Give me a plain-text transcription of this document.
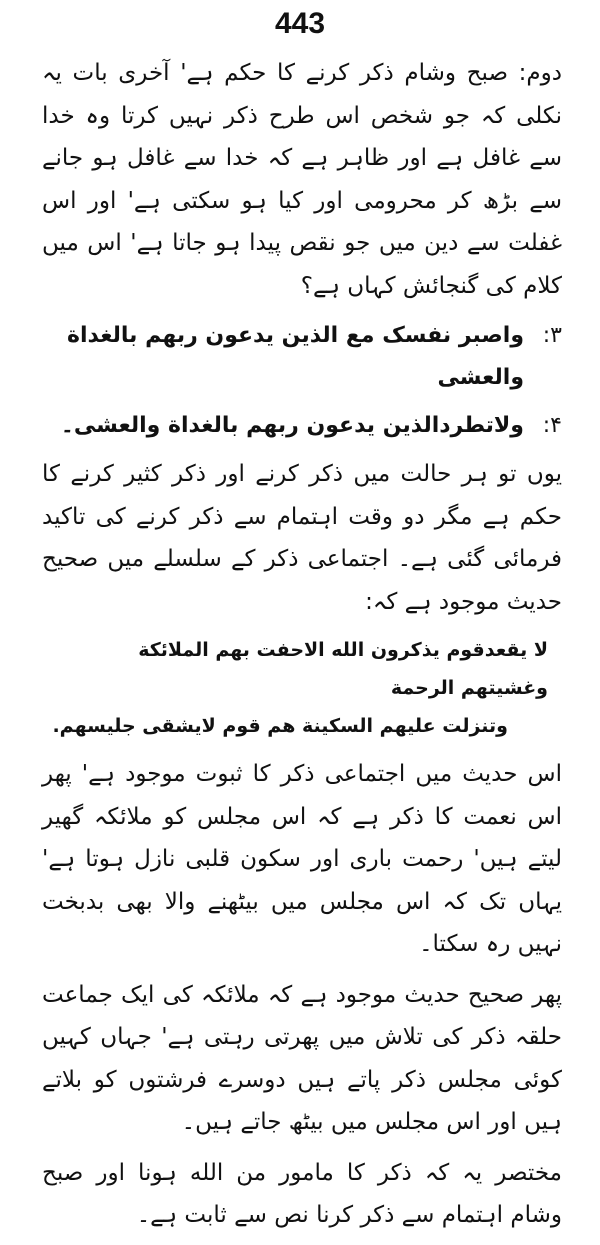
443

دوم: صبح وشام ذکر کرنے کا حکم ہے' آخری بات یہ نکلی کہ جو شخص اس طرح ذکر نہیں کرتا وہ خدا سے غافل ہے اور ظاہر ہے کہ خدا سے غافل ہو جانے سے بڑھ کر محرومی اور کیا ہو سکتی ہے' اور اس غفلت سے دین میں جو نقص پیدا ہو جاتا ہے' اس میں کلام کی گنجائش کہاں ہے؟

۳:
واصبر نفسک مع الذین یدعون ربھم بالغداة والعشی
۴:
ولاتطردالذین یدعون ربھم بالغداة والعشی۔

یوں تو ہر حالت میں ذکر کرنے اور ذکر کثیر کرنے کا حکم ہے مگر دو وقت اہتمام سے ذکر کرنے کی تاکید فرمائی گئی ہے۔ اجتماعی ذکر کے سلسلے میں صحیح حدیث موجود ہے کہ:

لا یقعدقوم یذکرون الله الاحفت بھم الملائکة وغشیتھم الرحمة
وتنزلت علیھم السکینة ھم قوم لایشقی جلیسھم.

اس حدیث میں اجتماعی ذکر کا ثبوت موجود ہے' پھر اس نعمت کا ذکر ہے کہ اس مجلس کو ملائکہ گھیر لیتے ہیں' رحمت باری اور سکون قلبی نازل ہوتا ہے' یہاں تک کہ اس مجلس میں بیٹھنے والا بھی بدبخت نہیں رہ سکتا۔

پھر صحیح حدیث موجود ہے کہ ملائکہ کی ایک جماعت حلقہ ذکر کی تلاش میں پھرتی رہتی ہے' جہاں کہیں کوئی مجلس ذکر پاتے ہیں دوسرے فرشتوں کو بلاتے ہیں اور اس مجلس میں بیٹھ جاتے ہیں۔

مختصر یہ کہ ذکر کا مامور من الله ہونا اور صبح وشام اہتمام سے ذکر کرنا نص سے ثابت ہے۔
